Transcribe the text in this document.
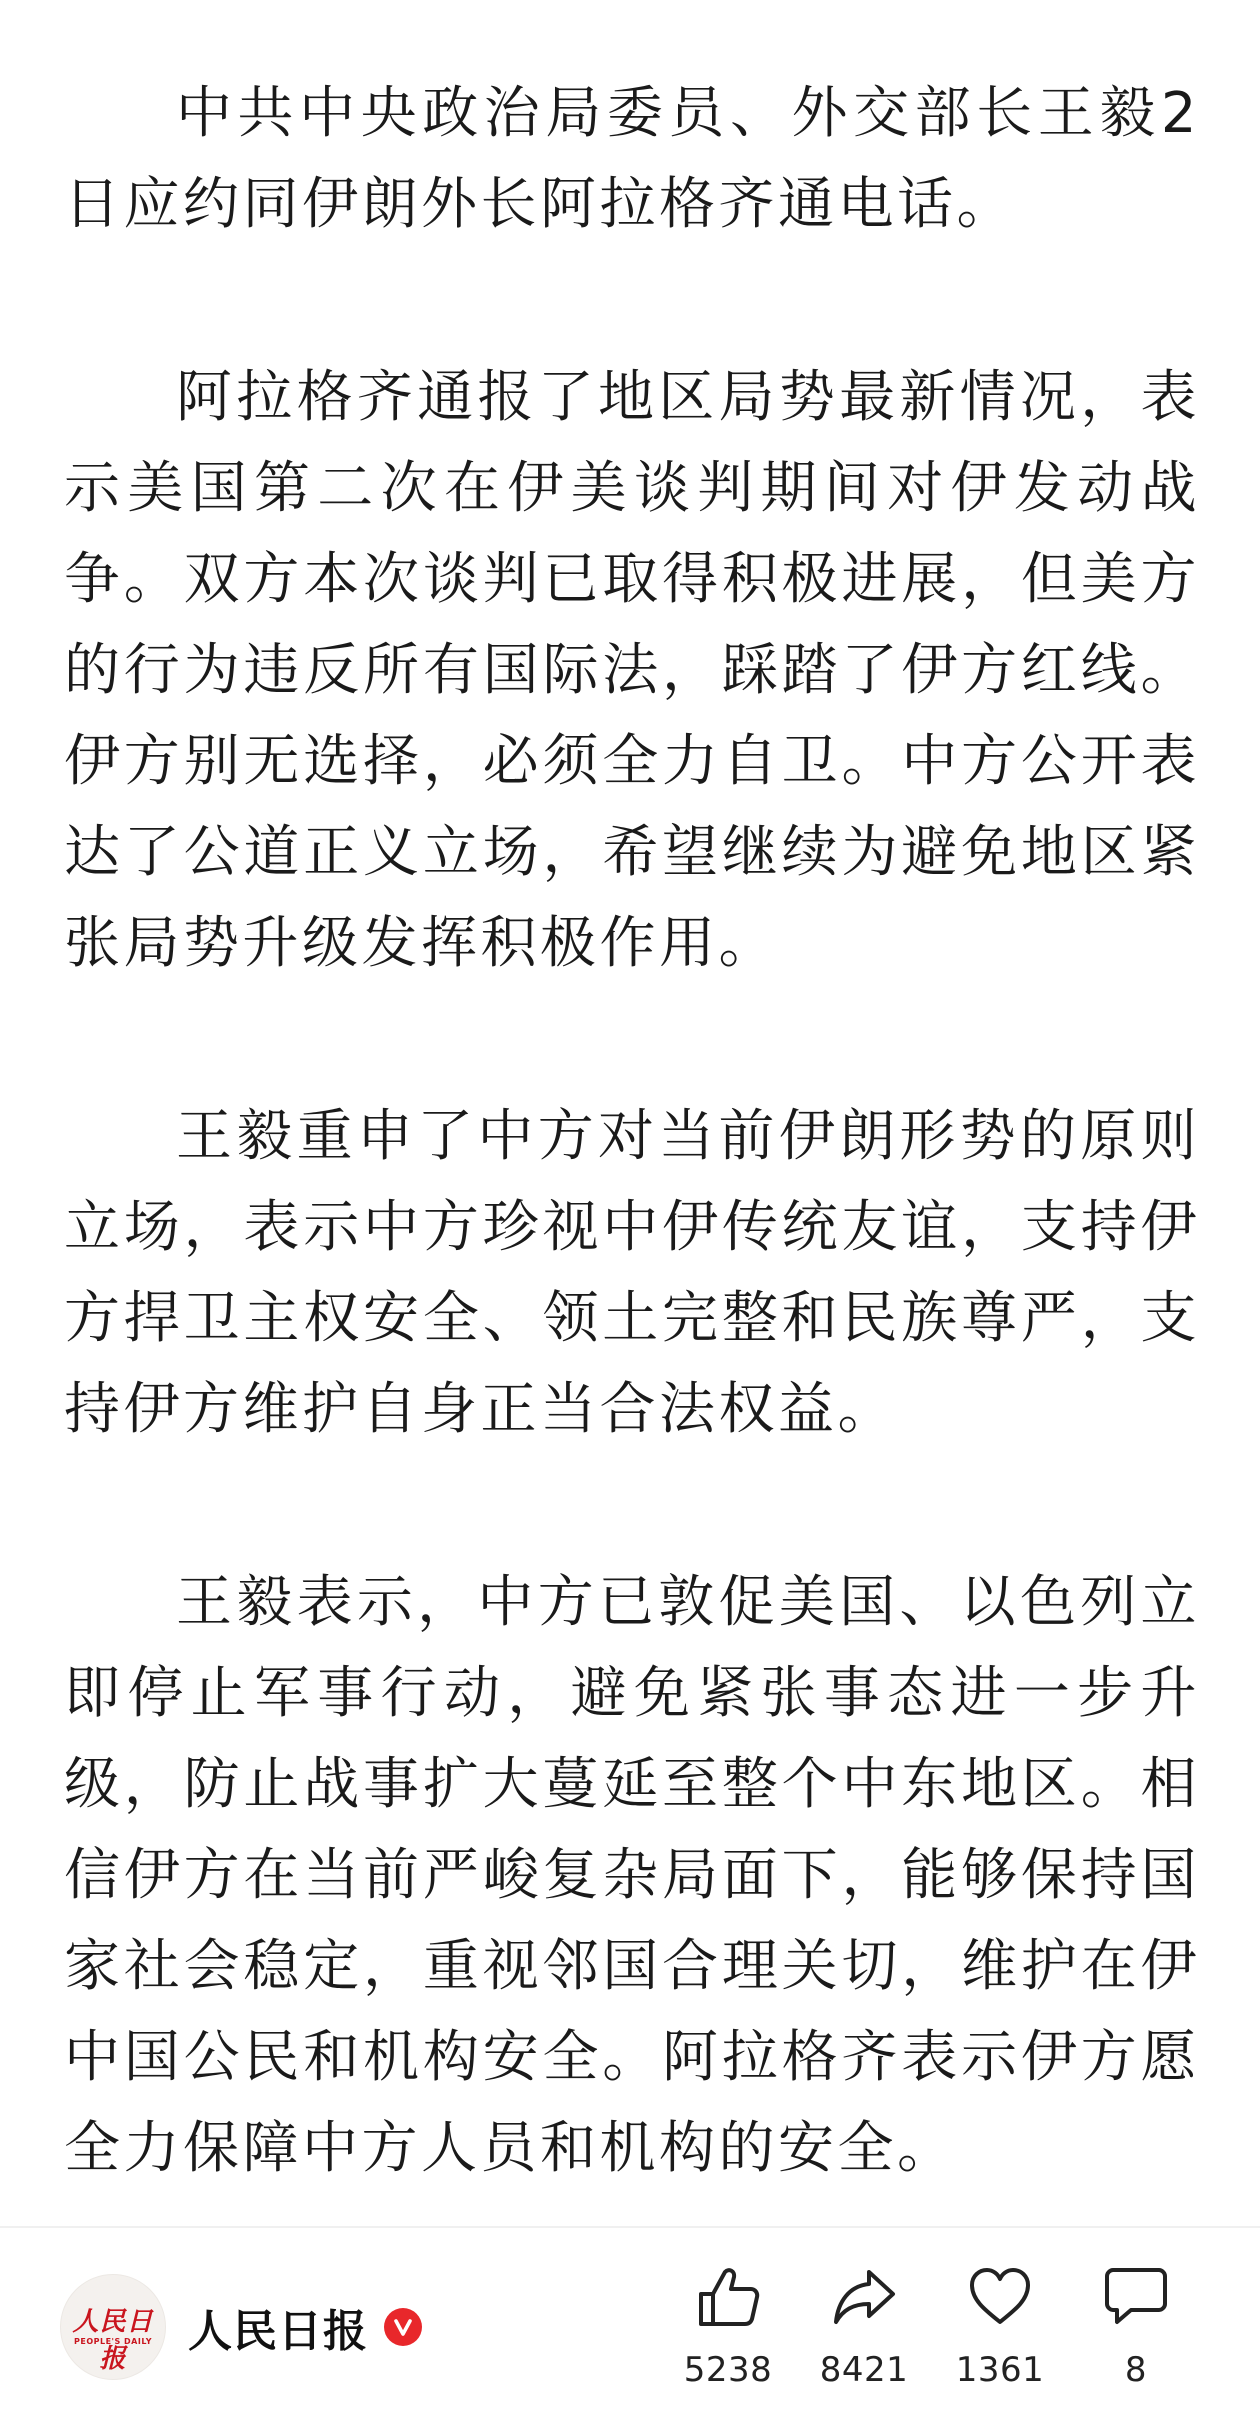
中共中央政治局委员、外交部长王毅2日应约同伊朗外长阿拉格齐通电话。

阿拉格齐通报了地区局势最新情况，表示美国第二次在伊美谈判期间对伊发动战争。双方本次谈判已取得积极进展，但美方的行为违反所有国际法，踩踏了伊方红线。伊方别无选择，必须全力自卫。中方公开表达了公道正义立场，希望继续为避免地区紧张局势升级发挥积极作用。

王毅重申了中方对当前伊朗形势的原则立场，表示中方珍视中伊传统友谊，支持伊方捍卫主权安全、领土完整和民族尊严，支持伊方维护自身正当合法权益。

王毅表示，中方已敦促美国、以色列立即停止军事行动，避免紧张事态进一步升级，防止战事扩大蔓延至整个中东地区。相信伊方在当前严峻复杂局面下，能够保持国家社会稳定，重视邻国合理关切，维护在伊中国公民和机构安全。阿拉格齐表示伊方愿全力保障中方人员和机构的安全。

人民日报
PEOPLE'S DAILY 人民日报
5238	8421	1361	8
